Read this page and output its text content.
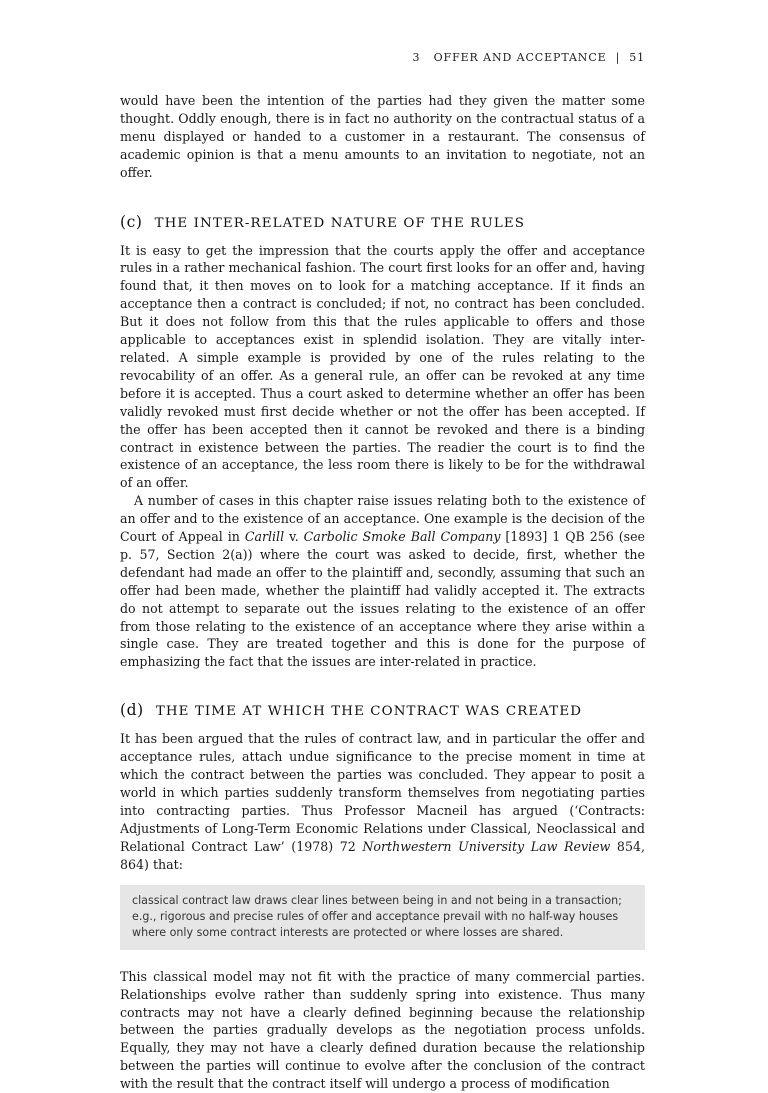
3 OFFER AND ACCEPTANCE | 51

would have been the intention of the parties had they given the matter some thought. Oddly enough, there is in fact no authority on the contractual status of a menu displayed or handed to a customer in a restaurant. The consensus of academic opinion is that a menu amounts to an invitation to negotiate, not an offer.

(c) THE INTER-RELATED NATURE OF THE RULES

It is easy to get the impression that the courts apply the offer and acceptance rules in a rather mechanical fashion. The court first looks for an offer and, having found that, it then moves on to look for a matching acceptance. If it finds an acceptance then a contract is concluded; if not, no contract has been concluded. But it does not follow from this that the rules applicable to offers and those applicable to acceptances exist in splendid isolation. They are vitally inter-related. A simple example is provided by one of the rules relating to the revocability of an offer. As a general rule, an offer can be revoked at any time before it is accepted. Thus a court asked to determine whether an offer has been validly revoked must first decide whether or not the offer has been accepted. If the offer has been accepted then it cannot be revoked and there is a binding contract in existence between the parties. The readier the court is to find the existence of an acceptance, the less room there is likely to be for the withdrawal of an offer.

A number of cases in this chapter raise issues relating both to the existence of an offer and to the existence of an acceptance. One example is the decision of the Court of Appeal in Carlill v. Carbolic Smoke Ball Company [1893] 1 QB 256 (see p. 57, Section 2(a)) where the court was asked to decide, first, whether the defendant had made an offer to the plaintiff and, secondly, assuming that such an offer had been made, whether the plaintiff had validly accepted it. The extracts do not attempt to separate out the issues relating to the existence of an offer from those relating to the existence of an acceptance where they arise within a single case. They are treated together and this is done for the purpose of emphasizing the fact that the issues are inter-related in practice.

(d) THE TIME AT WHICH THE CONTRACT WAS CREATED

It has been argued that the rules of contract law, and in particular the offer and acceptance rules, attach undue significance to the precise moment in time at which the contract between the parties was concluded. They appear to posit a world in which parties suddenly transform themselves from negotiating parties into contracting parties. Thus Professor Macneil has argued (‘Contracts: Adjustments of Long-Term Economic Relations under Classical, Neoclassical and Relational Contract Law’ (1978) 72 Northwestern University Law Review 854, 864) that:

classical contract law draws clear lines between being in and not being in a transaction; e.g., rigorous and precise rules of offer and acceptance prevail with no half-way houses where only some contract interests are protected or where losses are shared.

This classical model may not fit with the practice of many commercial parties. Relationships evolve rather than suddenly spring into existence. Thus many contracts may not have a clearly defined beginning because the relationship between the parties gradually develops as the negotiation process unfolds. Equally, they may not have a clearly defined duration because the relationship between the parties will continue to evolve after the conclusion of the contract with the result that the contract itself will undergo a process of modification
